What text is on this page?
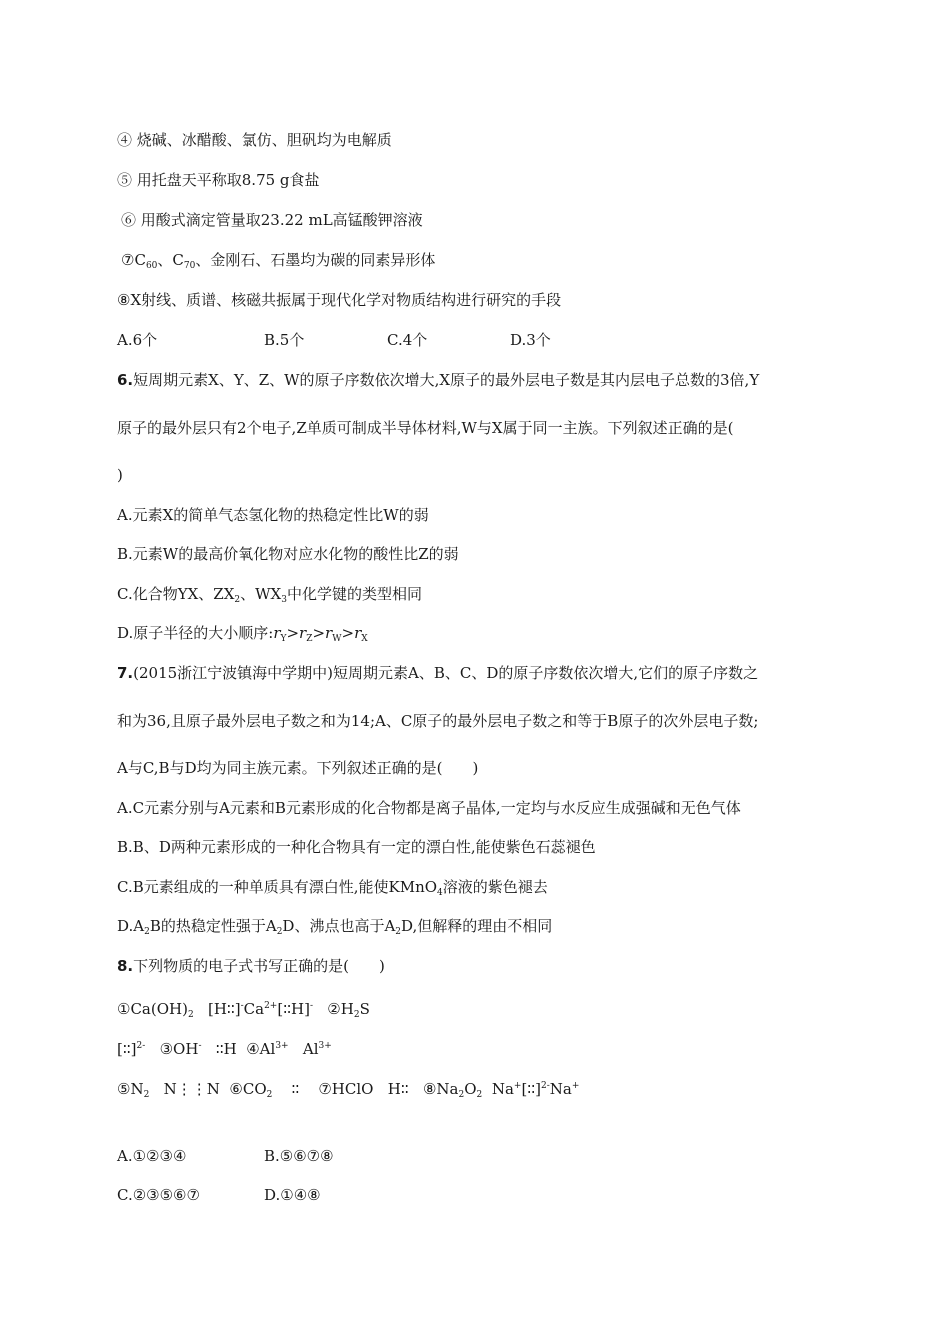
④ 烧碱、冰醋酸、氯仿、胆矾均为电解质
⑤ 用托盘天平称取8.75 g食盐
⑥ 用酸式滴定管量取23.22 mL高锰酸钾溶液
$⑦C_{60}$、$C_{70}$、金刚石、石墨均为碳的同素异形体
⑧X射线、质谱、核磁共振属于现代化学对物质结构进行研究的手段
A.6个	B.5个	C.4个	D.3个
6.短周期元素X、Y、Z、W的原子序数依次增大,X原子的最外层电子数是其内层电子总数的3倍,Y
原子的最外层只有2个电子,Z单质可制成半导体材料,W与X属于同一主族。下列叙述正确的是(
)
A.元素X的简单气态氢化物的热稳定性比W的弱
B.元素W的最高价氧化物对应水化物的酸性比Z的弱
C.化合物YX、$ZX_2$、$WX_3$中化学键的类型相同
D.原子半径的大小顺序$:r_Y>r_Z>r_W>r_X$
7.(2015浙江宁波镇海中学期中)短周期元素A、B、C、D的原子序数依次增大,它们的原子序数之
和为36,且原子最外层电子数之和为14;A、C原子的最外层电子数之和等于B原子的次外层电子数;
A与C,B与D均为同主族元素。下列叙述正确的是(　　)
A.C元素分别与A元素和B元素形成的化合物都是离子晶体,一定均与水反应生成强碱和无色气体
B.B、D两种元素形成的一种化合物具有一定的漂白性,能使紫色石蕊褪色
C.B元素组成的一种单质具有漂白性,能使KMnO$_4$溶液的紫色褪去
$D.A_2B$的热稳定性强于$A_2D$、沸点也高于$A_2D$,但解释的理由不相同
8.下列物质的电子式书写正确的是(　　)
$①Ca(OH)_2$ $[H∶∶]^-Ca^{2+}[∶∶H]^-$ $②H_2S$
[∶∶]$^{2-}$ ③OH- ∶∶H $④Al^{3+}$ $Al^{3+}$
$⑤N_2$ N⋮⋮N $⑥CO_2$ ∶∶ ⑦HClO H∶∶ $⑧Na_2O_2$ Na+[∶∶]$^{2-}$Na+
A.①②③④	B.⑤⑥⑦⑧
C.②③⑤⑥⑦	D.①④⑧
